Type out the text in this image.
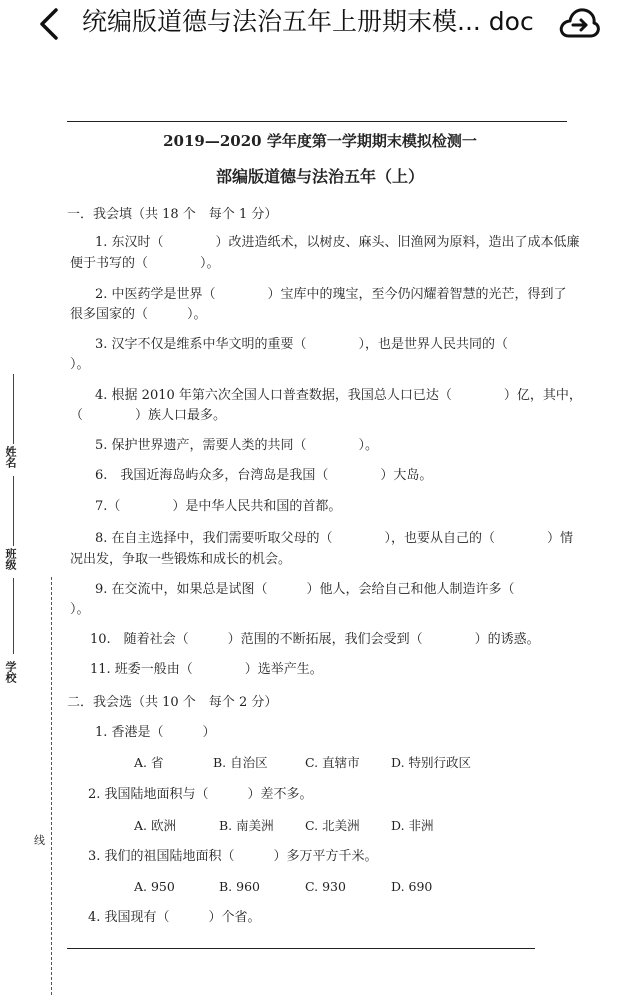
统编版道德与法治五年上册期末模... doc
2019—2020 学年度第一学期期末模拟检测一
部编版道德与法治五年（上）
一．我会填（共 18 个　每个 1 分）
1. 东汉时（　　　　）改进造纸术，以树皮、麻头、旧渔网为原料，造出了成本低廉
便于书写的（　　　　）。
2. 中医药学是世界（　　　　）宝库中的瑰宝，至今仍闪耀着智慧的光芒，得到了
很多国家的（　　　）。
3. 汉字不仅是维系中华文明的重要（　　　　），也是世界人民共同的（
）。
4. 根据 2010 年第六次全国人口普查数据，我国总人口已达（　　　　）亿，其中，
（　　　　）族人口最多。
5. 保护世界遗产，需要人类的共同（　　　　）。
6.　我国近海岛屿众多，台湾岛是我国（　　　　）大岛。
7.（　　　　）是中华人民共和国的首都。
8. 在自主选择中，我们需要听取父母的（　　　　），也要从自己的（　　　　）情
况出发，争取一些锻炼和成长的机会。
9. 在交流中，如果总是试图（　　　）他人，会给自己和他人制造许多（
）。
10.　随着社会（　　　）范围的不断拓展，我们会受到（　　　　）的诱惑。
11. 班委一般由（　　　　）选举产生。
二．我会选（共 10 个　每个 2 分）
1. 香港是（　　　）
A. 省	B. 自治区	C. 直辖市	D. 特别行政区
2. 我国陆地面积与（　　　）差不多。
A. 欧洲	B. 南美洲	C. 北美洲	D. 非洲
3. 我们的祖国陆地面积（　　　）多万平方千米。
A. 950	B. 960	C. 930	D. 690
4. 我国现有（　　　）个省。
姓名
班级
学校
线
